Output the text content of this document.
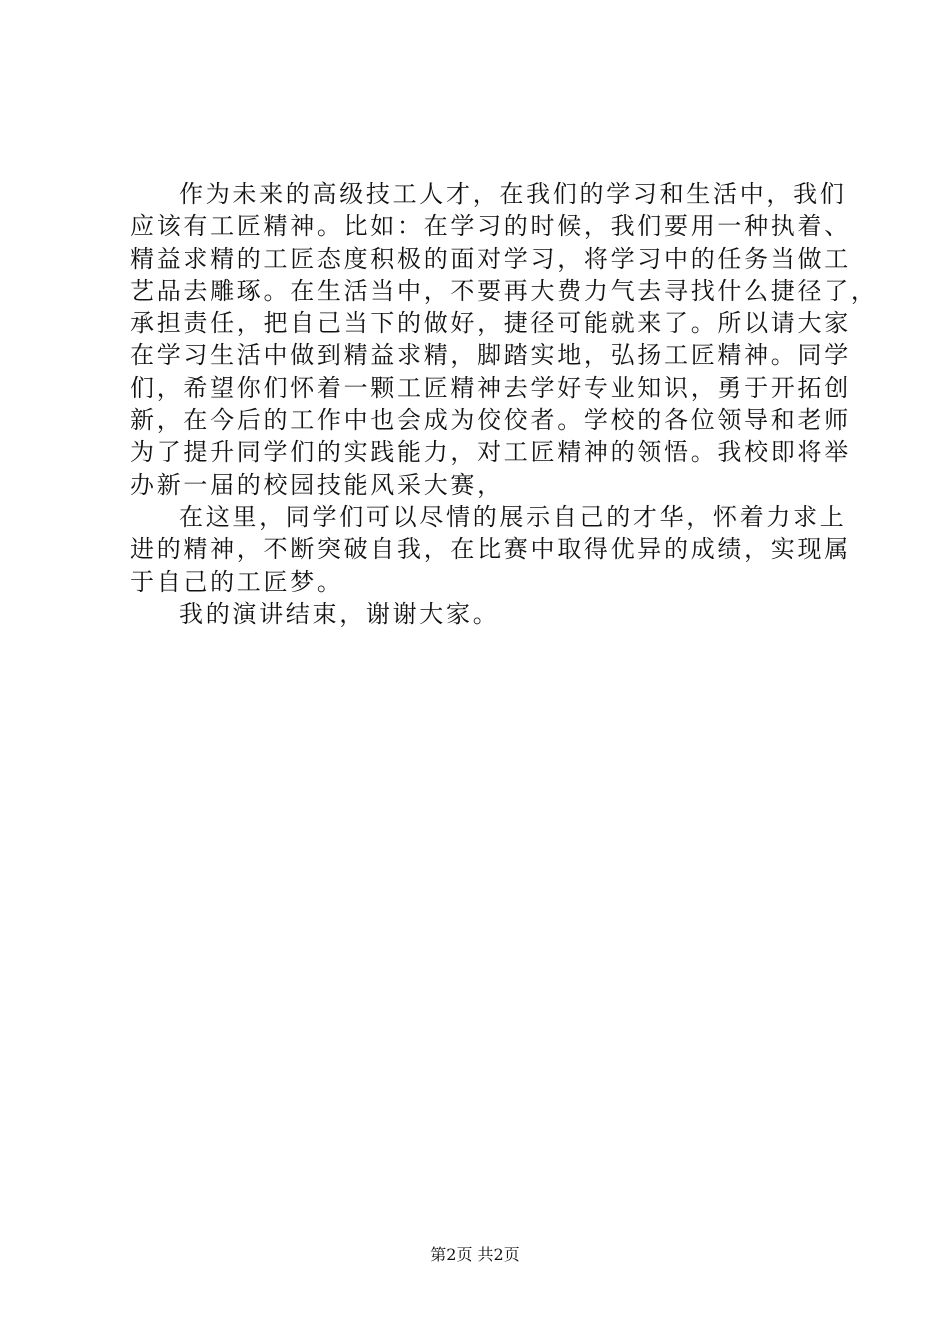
作为未来的高级技工人才，在我们的学习和生活中，我们
应该有工匠精神。比如：在学习的时候，我们要用一种执着、
精益求精的工匠态度积极的面对学习，将学习中的任务当做工
艺品去雕琢。在生活当中，不要再大费力气去寻找什么捷径了，
承担责任，把自己当下的做好，捷径可能就来了。所以请大家
在学习生活中做到精益求精，脚踏实地，弘扬工匠精神。同学
们，希望你们怀着一颗工匠精神去学好专业知识，勇于开拓创
新，在今后的工作中也会成为佼佼者。学校的各位领导和老师
为了提升同学们的实践能力，对工匠精神的领悟。我校即将举
办新一届的校园技能风采大赛，
在这里，同学们可以尽情的展示自己的才华，怀着力求上
进的精神，不断突破自我，在比赛中取得优异的成绩，实现属
于自己的工匠梦。
我的演讲结束，谢谢大家。
第2页 共2页
